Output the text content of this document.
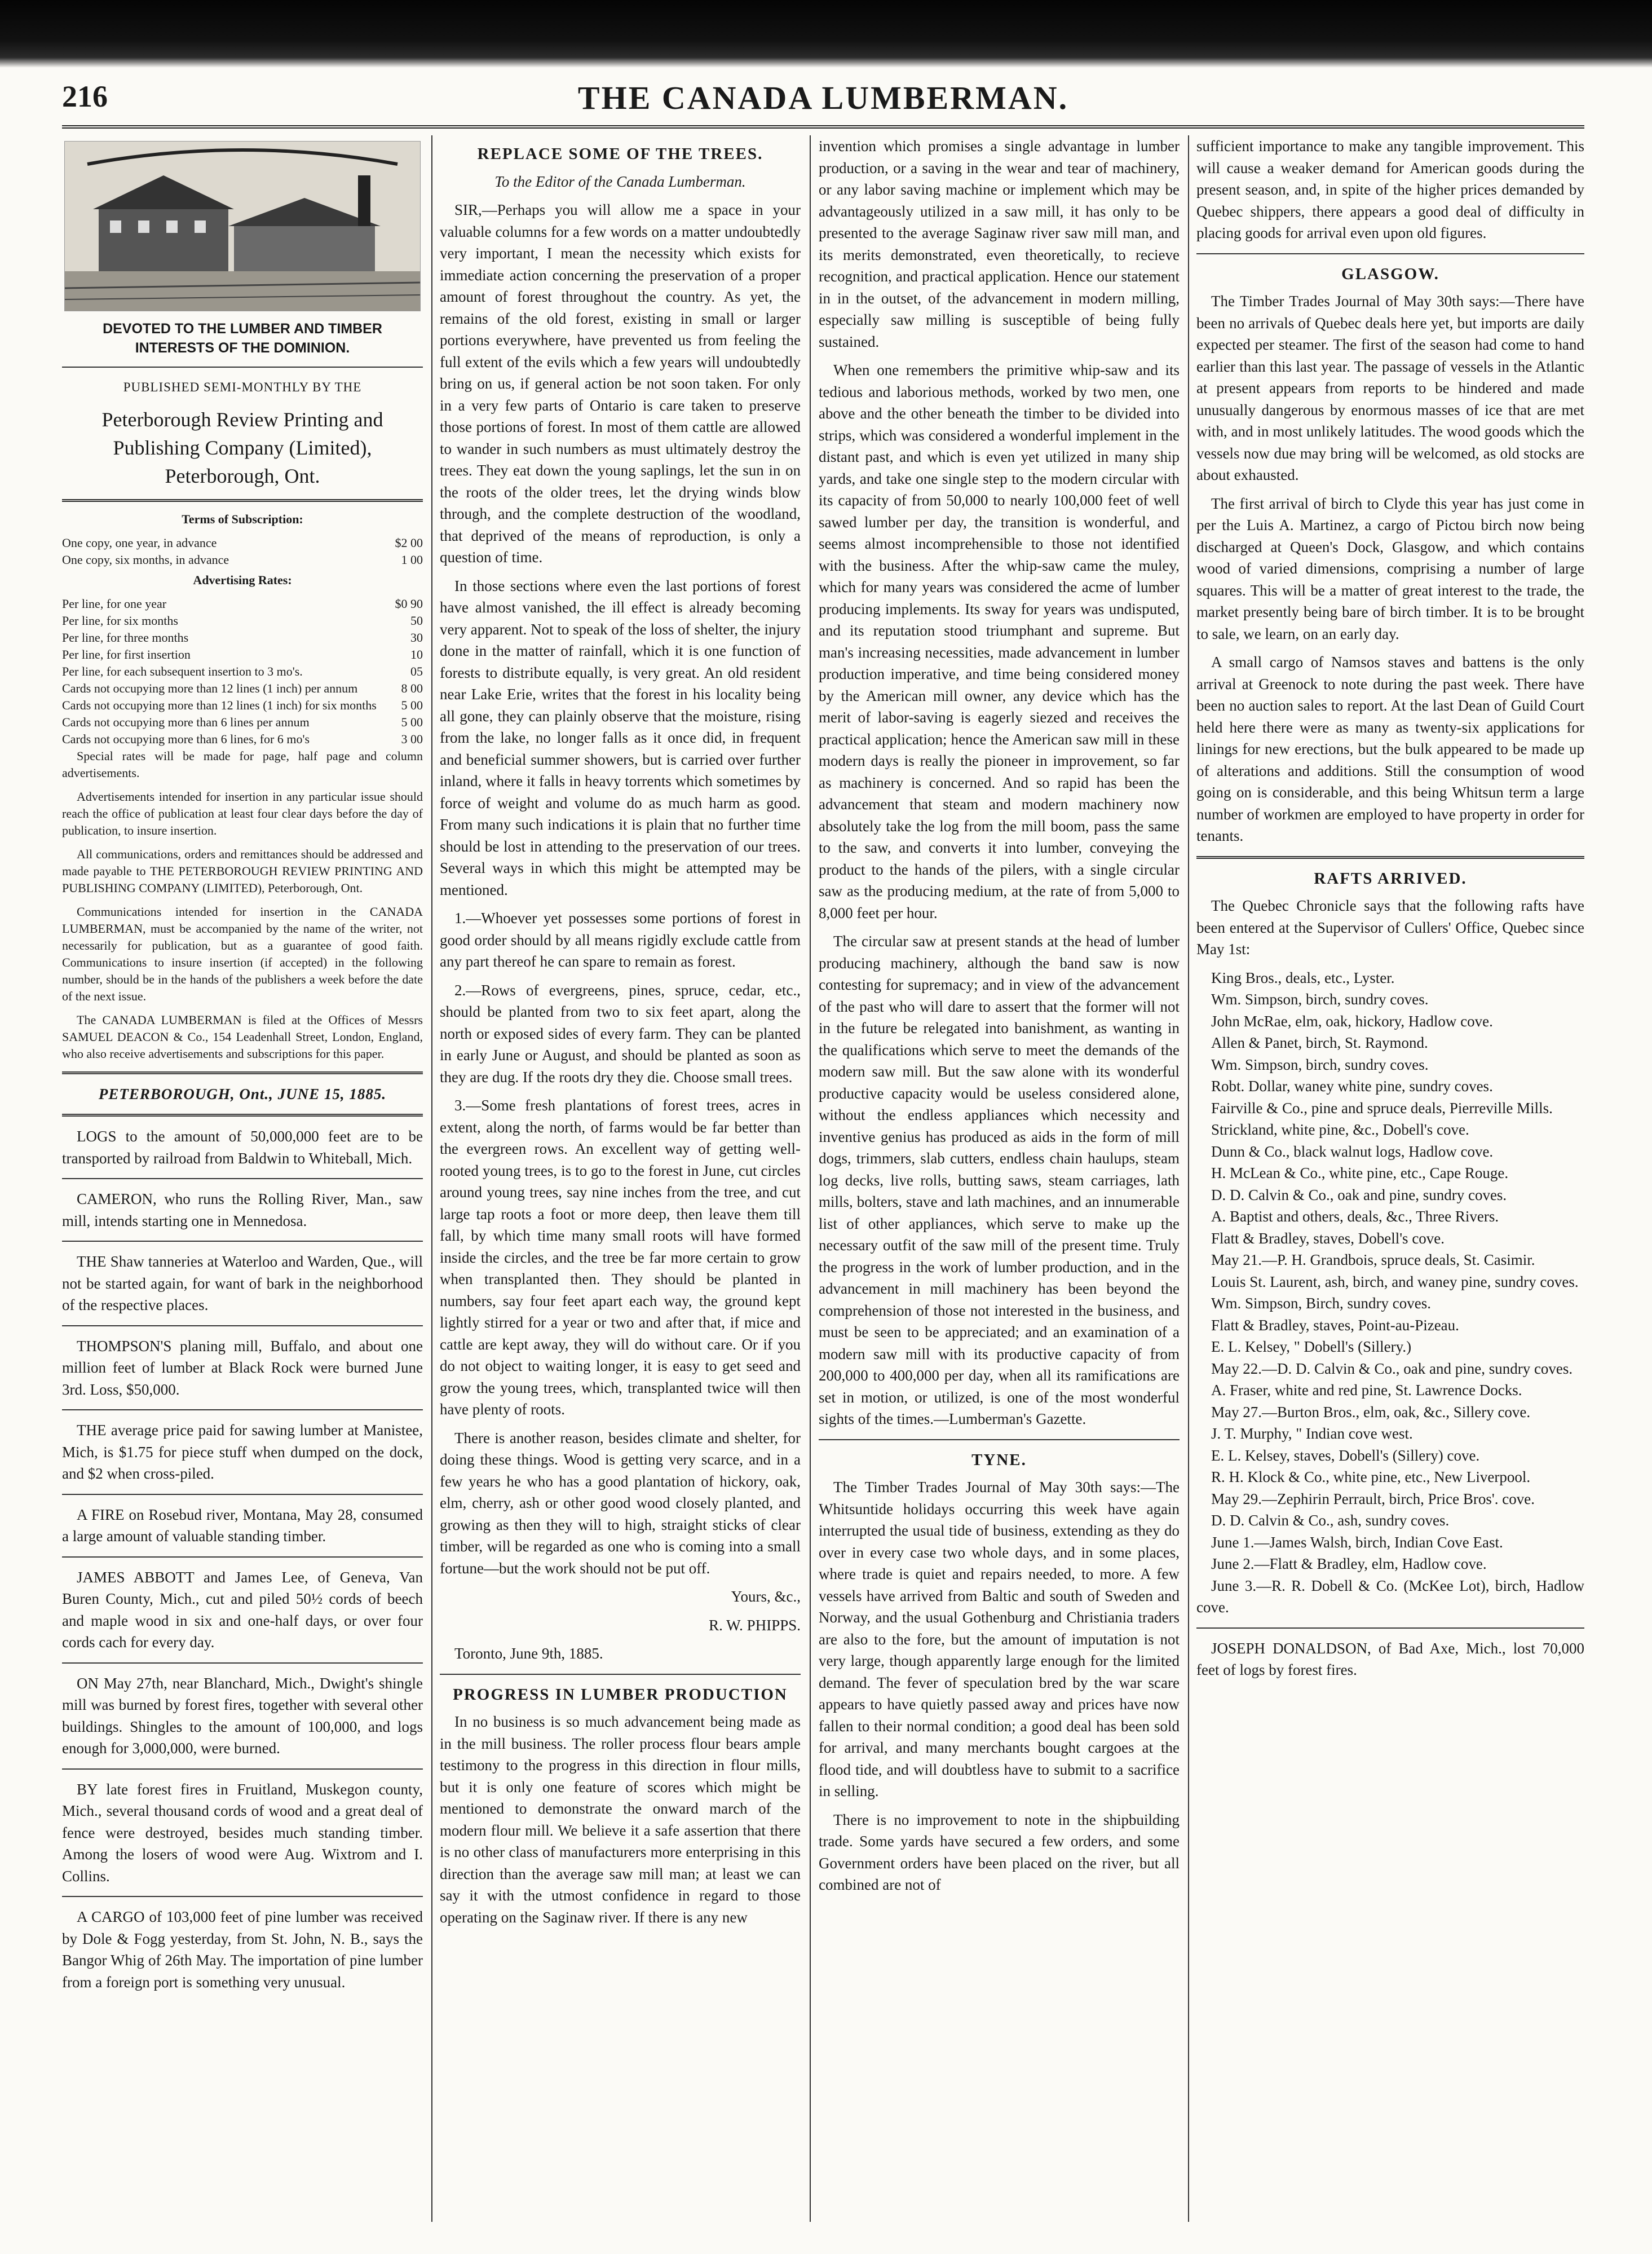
THE CANADA LUMBERMAN.
216

DEVOTED TO THE LUMBER AND TIMBER INTERESTS OF THE DOMINION.

PUBLISHED SEMI-MONTHLY BY THE

Peterborough Review Printing and Publishing Company (Limited), Peterborough, Ont.

Terms of Subscription:

One copy, one year, in advance	$2 00
One copy, six months, in advance	1 00

Advertising Rates:

Per line, for one year	$0 90
Per line, for six months	50
Per line, for three months	30
Per line, for first insertion	10
Per line, for each subsequent insertion to 3 mo's.	05
Cards not occupying more than 12 lines (1 inch) per annum	8 00
Cards not occupying more than 12 lines (1 inch) for six months	5 00
Cards not occupying more than 6 lines per annum	5 00
Cards not occupying more than 6 lines, for 6 mo's	3 00

Special rates will be made for page, half page and column advertisements.

Advertisements intended for insertion in any particular issue should reach the office of publication at least four clear days before the day of publication, to insure insertion.

All communications, orders and remittances should be addressed and made payable to THE PETERBOROUGH REVIEW PRINTING AND PUBLISHING COMPANY (LIMITED), Peterborough, Ont.

Communications intended for insertion in the CANADA LUMBERMAN, must be accompanied by the name of the writer, not necessarily for publication, but as a guarantee of good faith. Communications to insure insertion (if accepted) in the following number, should be in the hands of the publishers a week before the date of the next issue.

The CANADA LUMBERMAN is filed at the Offices of Messrs SAMUEL DEACON & Co., 154 Leadenhall Street, London, England, who also receive advertisements and subscriptions for this paper.

PETERBOROUGH, Ont., JUNE 15, 1885.

LOGS to the amount of 50,000,000 feet are to be transported by railroad from Baldwin to Whiteball, Mich.

CAMERON, who runs the Rolling River, Man., saw mill, intends starting one in Mennedosa.

THE Shaw tanneries at Waterloo and Warden, Que., will not be started again, for want of bark in the neighborhood of the respective places.

THOMPSON'S planing mill, Buffalo, and about one million feet of lumber at Black Rock were burned June 3rd. Loss, $50,000.

THE average price paid for sawing lumber at Manistee, Mich, is $1.75 for piece stuff when dumped on the dock, and $2 when cross-piled.

A FIRE on Rosebud river, Montana, May 28, consumed a large amount of valuable standing timber.

JAMES ABBOTT and James Lee, of Geneva, Van Buren County, Mich., cut and piled 50½ cords of beech and maple wood in six and one-half days, or over four cords cach for every day.

ON May 27th, near Blanchard, Mich., Dwight's shingle mill was burned by forest fires, together with several other buildings. Shingles to the amount of 100,000, and logs enough for 3,000,000, were burned.

BY late forest fires in Fruitland, Muskegon county, Mich., several thousand cords of wood and a great deal of fence were destroyed, besides much standing timber. Among the losers of wood were Aug. Wixtrom and I. Collins.

A CARGO of 103,000 feet of pine lumber was received by Dole & Fogg yesterday, from St. John, N. B., says the Bangor Whig of 26th May. The importation of pine lumber from a foreign port is something very unusual.

REPLACE SOME OF THE TREES.

To the Editor of the Canada Lumberman.

SIR,—Perhaps you will allow me a space in your valuable columns for a few words on a matter undoubtedly very important, I mean the necessity which exists for immediate action concerning the preservation of a proper amount of forest throughout the country. As yet, the remains of the old forest, existing in small or larger portions everywhere, have prevented us from feeling the full extent of the evils which a few years will undoubtedly bring on us, if general action be not soon taken. For only in a very few parts of Ontario is care taken to preserve those portions of forest. In most of them cattle are allowed to wander in such numbers as must ultimately destroy the trees. They eat down the young saplings, let the sun in on the roots of the older trees, let the drying winds blow through, and the complete destruction of the woodland, that deprived of the means of reproduction, is only a question of time.

In those sections where even the last portions of forest have almost vanished, the ill effect is already becoming very apparent. Not to speak of the loss of shelter, the injury done in the matter of rainfall, which it is one function of forests to distribute equally, is very great. An old resident near Lake Erie, writes that the forest in his locality being all gone, they can plainly observe that the moisture, rising from the lake, no longer falls as it once did, in frequent and beneficial summer showers, but is carried over further inland, where it falls in heavy torrents which sometimes by force of weight and volume do as much harm as good. From many such indications it is plain that no further time should be lost in attending to the preservation of our trees. Several ways in which this might be attempted may be mentioned.

1.—Whoever yet possesses some portions of forest in good order should by all means rigidly exclude cattle from any part thereof he can spare to remain as forest.

2.—Rows of evergreens, pines, spruce, cedar, etc., should be planted from two to six feet apart, along the north or exposed sides of every farm. They can be planted in early June or August, and should be planted as soon as they are dug. If the roots dry they die. Choose small trees.

3.—Some fresh plantations of forest trees, acres in extent, along the north, of farms would be far better than the evergreen rows. An excellent way of getting well-rooted young trees, is to go to the forest in June, cut circles around young trees, say nine inches from the tree, and cut large tap roots a foot or more deep, then leave them till fall, by which time many small roots will have formed inside the circles, and the tree be far more certain to grow when transplanted then. They should be planted in numbers, say four feet apart each way, the ground kept lightly stirred for a year or two and after that, if mice and cattle are kept away, they will do without care. Or if you do not object to waiting longer, it is easy to get seed and grow the young trees, which, transplanted twice will then have plenty of roots.

There is another reason, besides climate and shelter, for doing these things. Wood is getting very scarce, and in a few years he who has a good plantation of hickory, oak, elm, cherry, ash or other good wood closely planted, and growing as then they will to high, straight sticks of clear timber, will be regarded as one who is coming into a small fortune—but the work should not be put off.

Yours, &c.,

R. W. PHIPPS.

Toronto, June 9th, 1885.

PROGRESS IN LUMBER PRODUCTION

In no business is so much advancement being made as in the mill business. The roller process flour bears ample testimony to the progress in this direction in flour mills, but it is only one feature of scores which might be mentioned to demonstrate the onward march of the modern flour mill. We believe it a safe assertion that there is no other class of manufacturers more enterprising in this direction than the average saw mill man; at least we can say it with the utmost confidence in regard to those operating on the Saginaw river. If there is any new

invention which promises a single advantage in lumber production, or a saving in the wear and tear of machinery, or any labor saving machine or implement which may be advantageously utilized in a saw mill, it has only to be presented to the average Saginaw river saw mill man, and its merits demonstrated, even theoretically, to recieve recognition, and practical application. Hence our statement in in the outset, of the advancement in modern milling, especially saw milling is susceptible of being fully sustained.

When one remembers the primitive whip-saw and its tedious and laborious methods, worked by two men, one above and the other beneath the timber to be divided into strips, which was considered a wonderful implement in the distant past, and which is even yet utilized in many ship yards, and take one single step to the modern circular with its capacity of from 50,000 to nearly 100,000 feet of well sawed lumber per day, the transition is wonderful, and seems almost incomprehensible to those not identified with the business. After the whip-saw came the muley, which for many years was considered the acme of lumber producing implements. Its sway for years was undisputed, and its reputation stood triumphant and supreme. But man's increasing necessities, made advancement in lumber production imperative, and time being considered money by the American mill owner, any device which has the merit of labor-saving is eagerly siezed and receives the practical application; hence the American saw mill in these modern days is really the pioneer in improvement, so far as machinery is concerned. And so rapid has been the advancement that steam and modern machinery now absolutely take the log from the mill boom, pass the same to the saw, and converts it into lumber, conveying the product to the hands of the pilers, with a single circular saw as the producing medium, at the rate of from 5,000 to 8,000 feet per hour.

The circular saw at present stands at the head of lumber producing machinery, although the band saw is now contesting for supremacy; and in view of the advancement of the past who will dare to assert that the former will not in the future be relegated into banishment, as wanting in the qualifications which serve to meet the demands of the modern saw mill. But the saw alone with its wonderful productive capacity would be useless considered alone, without the endless appliances which necessity and inventive genius has produced as aids in the form of mill dogs, trimmers, slab cutters, endless chain haulups, steam log decks, live rolls, butting saws, steam carriages, lath mills, bolters, stave and lath machines, and an innumerable list of other appliances, which serve to make up the necessary outfit of the saw mill of the present time. Truly the progress in the work of lumber production, and in the advancement in mill machinery has been beyond the comprehension of those not interested in the business, and must be seen to be appreciated; and an examination of a modern saw mill with its productive capacity of from 200,000 to 400,000 per day, when all its ramifications are set in motion, or utilized, is one of the most wonderful sights of the times.—Lumberman's Gazette.

TYNE.

The Timber Trades Journal of May 30th says:—The Whitsuntide holidays occurring this week have again interrupted the usual tide of business, extending as they do over in every case two whole days, and in some places, where trade is quiet and repairs needed, to more. A few vessels have arrived from Baltic and south of Sweden and Norway, and the usual Gothenburg and Christiania traders are also to the fore, but the amount of imputation is not very large, though apparently large enough for the limited demand. The fever of speculation bred by the war scare appears to have quietly passed away and prices have now fallen to their normal condition; a good deal has been sold for arrival, and many merchants bought cargoes at the flood tide, and will doubtless have to submit to a sacrifice in selling.

There is no improvement to note in the shipbuilding trade. Some yards have secured a few orders, and some Government orders have been placed on the river, but all combined are not of

sufficient importance to make any tangible improvement. This will cause a weaker demand for American goods during the present season, and, in spite of the higher prices demanded by Quebec shippers, there appears a good deal of difficulty in placing goods for arrival even upon old figures.

GLASGOW.

The Timber Trades Journal of May 30th says:—There have been no arrivals of Quebec deals here yet, but imports are daily expected per steamer. The first of the season had come to hand earlier than this last year. The passage of vessels in the Atlantic at present appears from reports to be hindered and made unusually dangerous by enormous masses of ice that are met with, and in most unlikely latitudes. The wood goods which the vessels now due may bring will be welcomed, as old stocks are about exhausted.

The first arrival of birch to Clyde this year has just come in per the Luis A. Martinez, a cargo of Pictou birch now being discharged at Queen's Dock, Glasgow, and which contains wood of varied dimensions, comprising a number of large squares. This will be a matter of great interest to the trade, the market presently being bare of birch timber. It is to be brought to sale, we learn, on an early day.

A small cargo of Namsos staves and battens is the only arrival at Greenock to note during the past week. There have been no auction sales to report. At the last Dean of Guild Court held here there were as many as twenty-six applications for linings for new erections, but the bulk appeared to be made up of alterations and additions. Still the consumption of wood going on is considerable, and this being Whitsun term a large number of workmen are employed to have property in order for tenants.

RAFTS ARRIVED.

The Quebec Chronicle says that the following rafts have been entered at the Supervisor of Cullers' Office, Quebec since May 1st:

King Bros., deals, etc., Lyster.

Wm. Simpson, birch, sundry coves.

John McRae, elm, oak, hickory, Hadlow cove.

Allen & Panet, birch, St. Raymond.

Wm. Simpson, birch, sundry coves.

Robt. Dollar, waney white pine, sundry coves.

Fairville & Co., pine and spruce deals, Pierreville Mills.

Strickland, white pine, &c., Dobell's cove.

Dunn & Co., black walnut logs, Hadlow cove.

H. McLean & Co., white pine, etc., Cape Rouge.

D. D. Calvin & Co., oak and pine, sundry coves.

A. Baptist and others, deals, &c., Three Rivers.

Flatt & Bradley, staves, Dobell's cove.

May 21.—P. H. Grandbois, spruce deals, St. Casimir.

Louis St. Laurent, ash, birch, and waney pine, sundry coves.

Wm. Simpson, Birch, sundry coves.

Flatt & Bradley, staves, Point-au-Pizeau.

E. L. Kelsey, " Dobell's (Sillery.)

May 22.—D. D. Calvin & Co., oak and pine, sundry coves.

A. Fraser, white and red pine, St. Lawrence Docks.

May 27.—Burton Bros., elm, oak, &c., Sillery cove.

J. T. Murphy, " Indian cove west.

E. L. Kelsey, staves, Dobell's (Sillery) cove.

R. H. Klock & Co., white pine, etc., New Liverpool.

May 29.—Zephirin Perrault, birch, Price Bros'. cove.

D. D. Calvin & Co., ash, sundry coves.

June 1.—James Walsh, birch, Indian Cove East.

June 2.—Flatt & Bradley, elm, Hadlow cove.

June 3.—R. R. Dobell & Co. (McKee Lot), birch, Hadlow cove.

JOSEPH DONALDSON, of Bad Axe, Mich., lost 70,000 feet of logs by forest fires.
